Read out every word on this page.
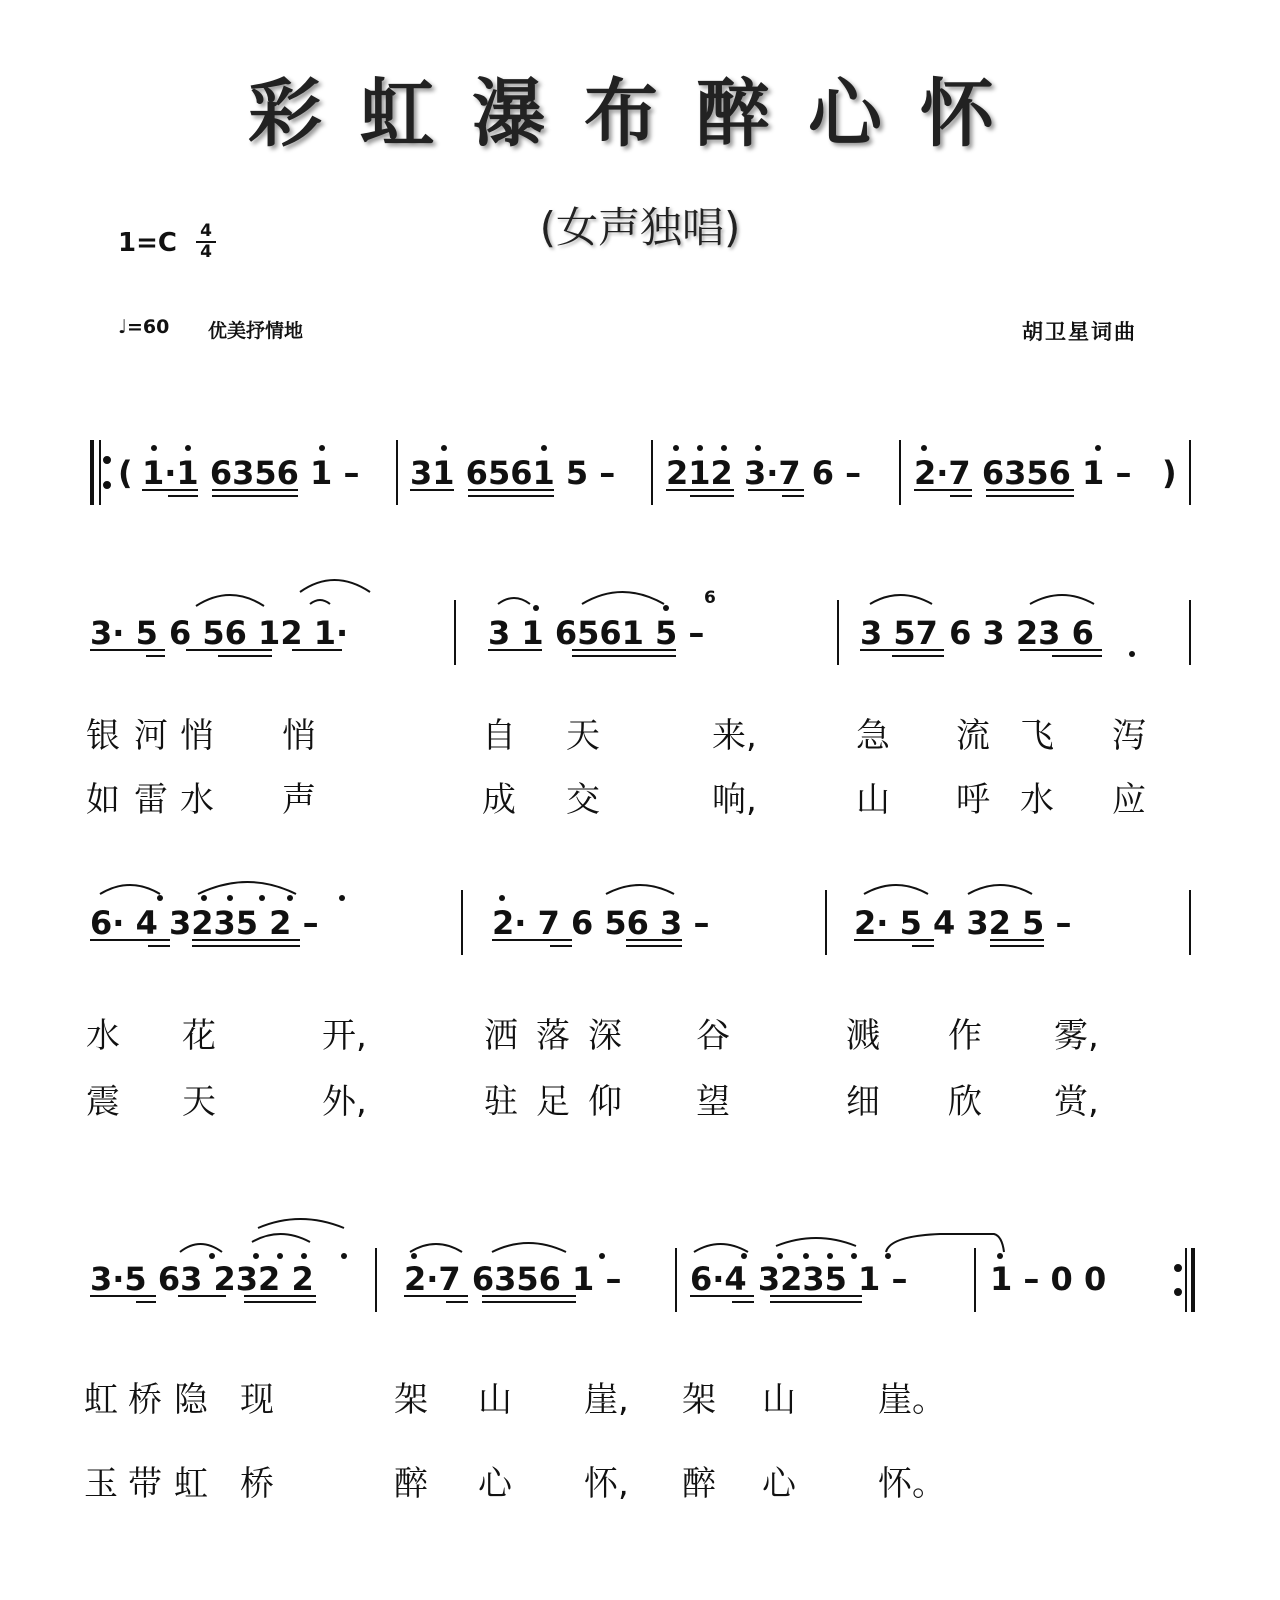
彩虹瀑布醉心怀
(女声独唱)
1=C 4
4
♩=60 优美抒情地	胡卫星词曲
( 1·1 6356 1 – 31 6561 5 – 212 3·7 6 – 2·7 6356 1 – )
3· 5 6 56 12 1·	3 1 6561 5 –
6
3 57 6 3 23 6
银 河 悄 悄	自 天	来,	急 流 飞 泻
如 雷 水 声	成 交	响,	山 呼 水 应
6· 4 3235 2 –	2· 7 6 56 3 –	2· 5 4 32 5 –
水 花	开,	洒 落 深 谷	溅 作 雾,
震 天	外,	驻 足 仰 望	细 欣 赏,
3·5 63 232 2	2·7 6356 1 – 6·4 3235 1 –	1 – 0 0
虹 桥 隐 现	架 山 崖, 架 山 崖。
玉 带 虹 桥	醉 心 怀, 醉 心 怀。
